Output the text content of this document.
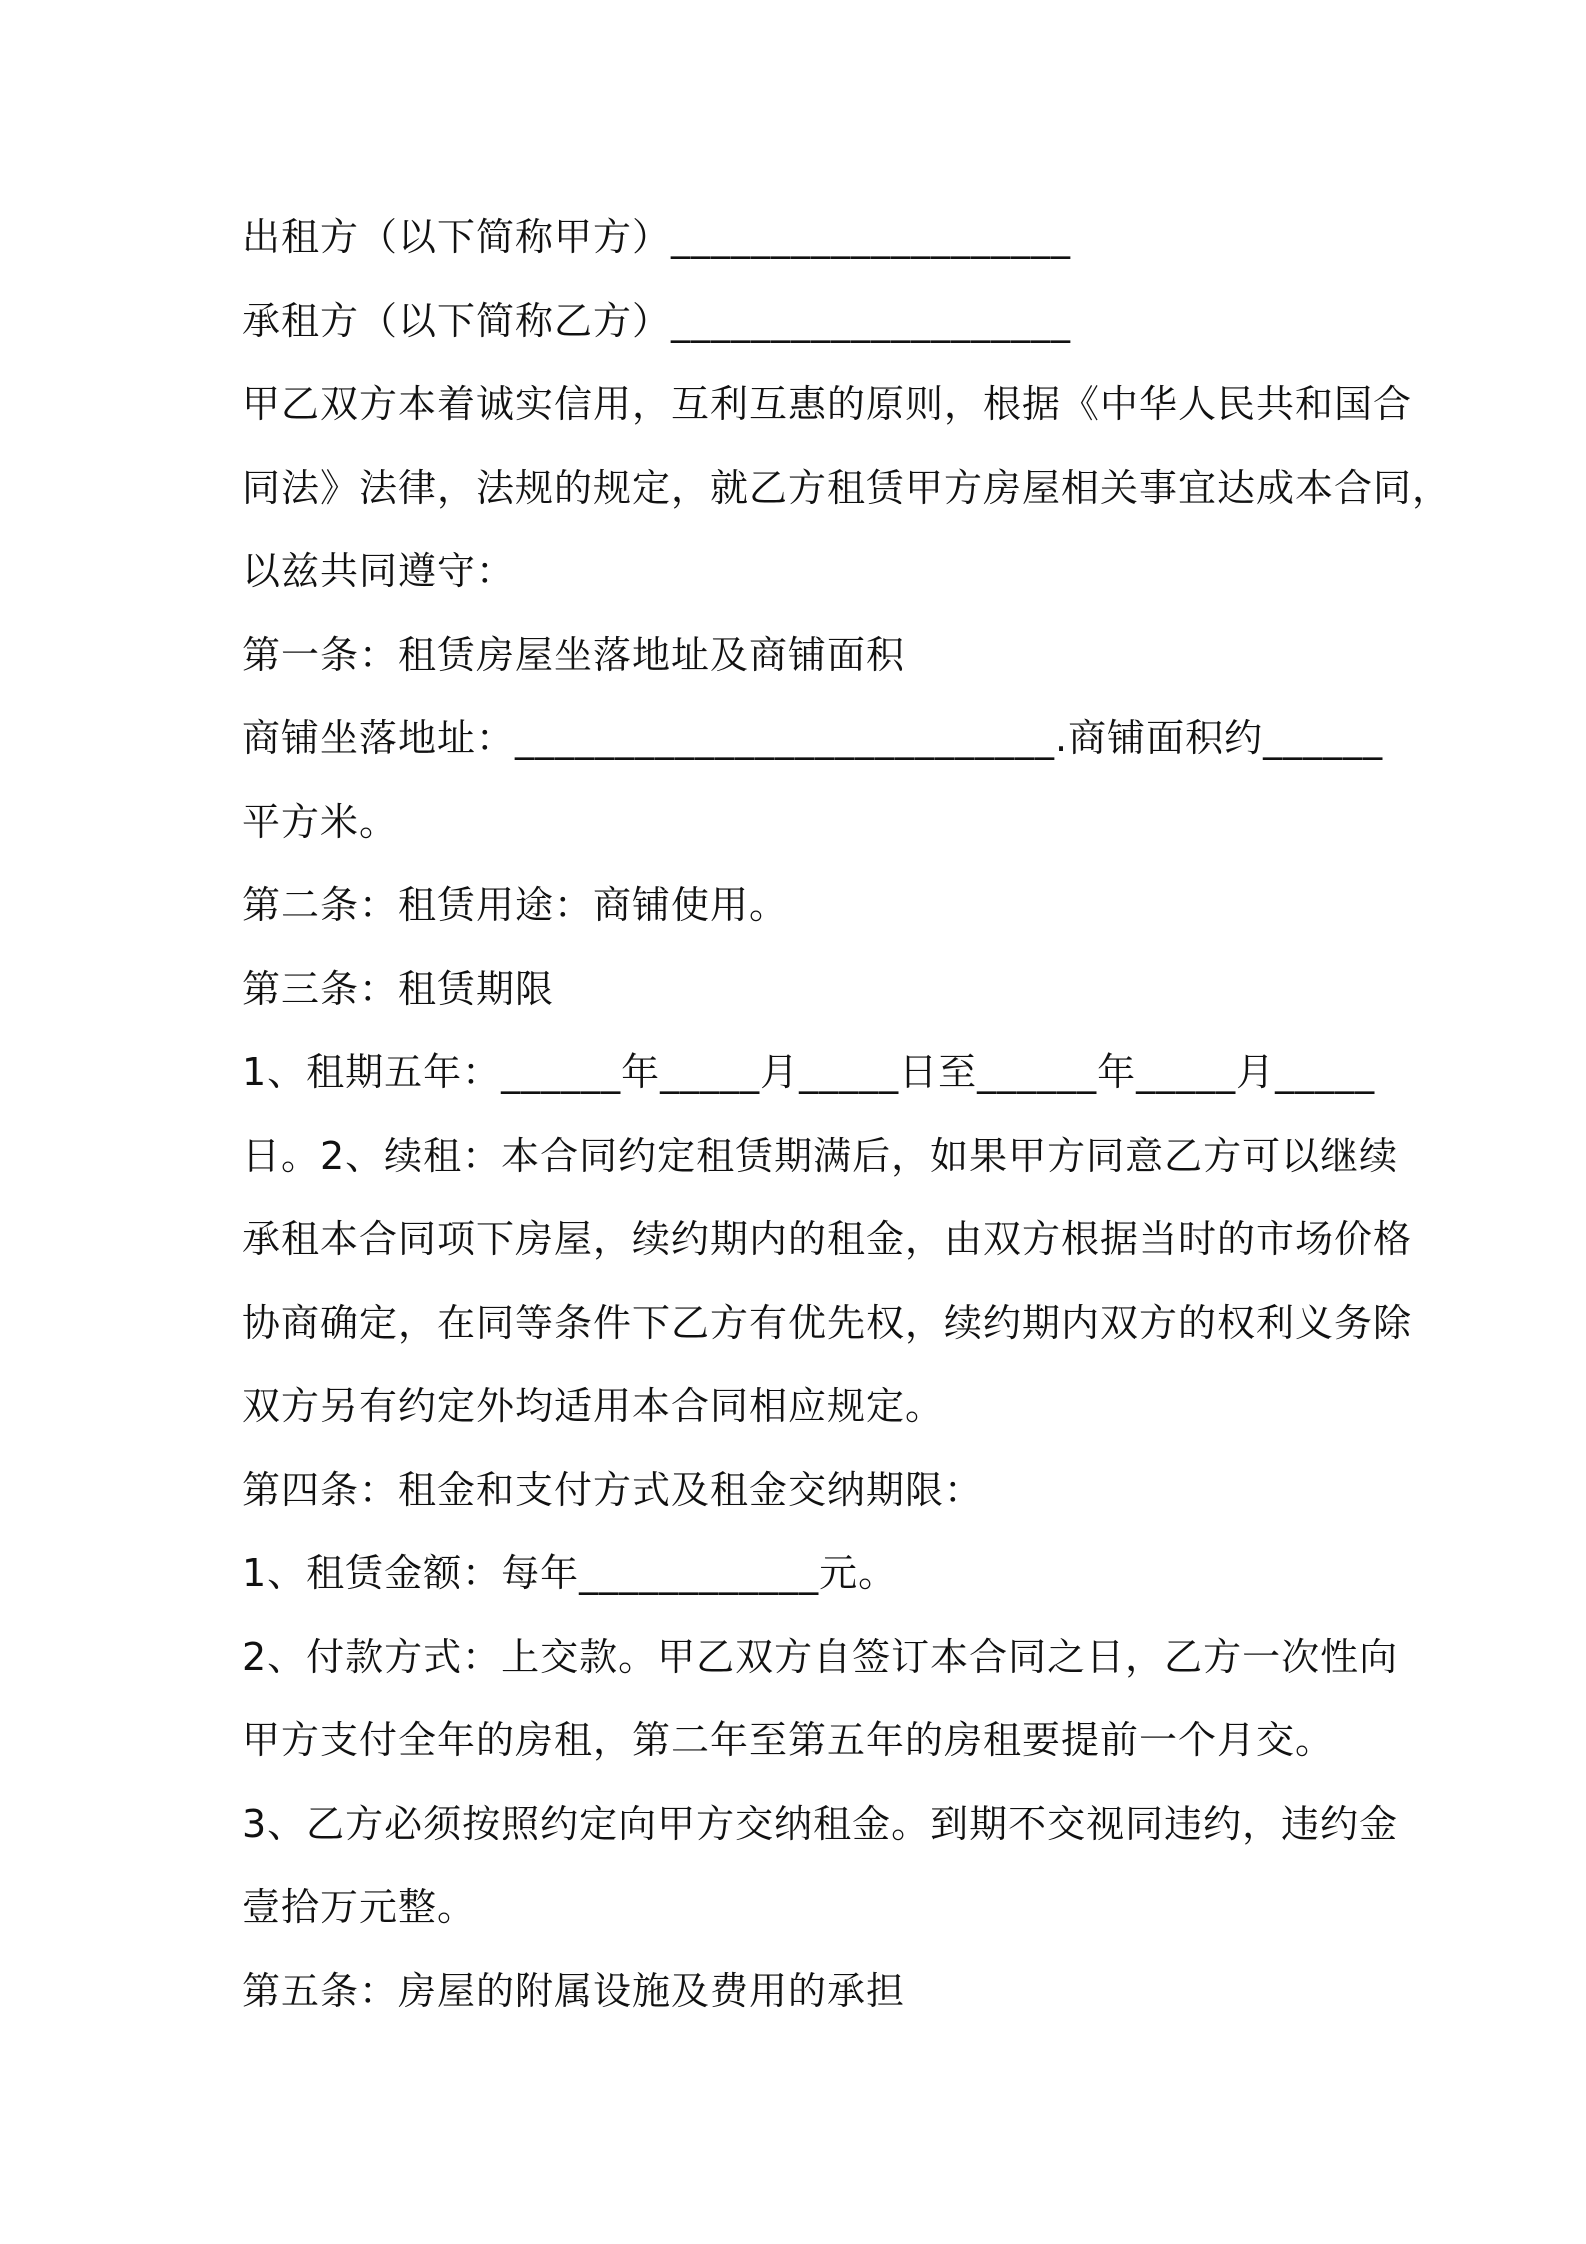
出租方（以下简称甲方）____________________
承租方（以下简称乙方）____________________
甲乙双方本着诚实信用，互利互惠的原则，根据《中华人民共和国合
同法》法律，法规的规定，就乙方租赁甲方房屋相关事宜达成本合同，
以兹共同遵守：
第一条：租赁房屋坐落地址及商铺面积
商铺坐落地址：___________________________.商铺面积约______
平方米。
第二条：租赁用途：商铺使用。
第三条：租赁期限
1、租期五年：______年_____月_____日至______年_____月_____
日。2、续租：本合同约定租赁期满后，如果甲方同意乙方可以继续
承租本合同项下房屋，续约期内的租金，由双方根据当时的市场价格
协商确定，在同等条件下乙方有优先权，续约期内双方的权利义务除
双方另有约定外均适用本合同相应规定。
第四条：租金和支付方式及租金交纳期限：
1、租赁金额：每年____________元。
2、付款方式：上交款。甲乙双方自签订本合同之日，乙方一次性向
甲方支付全年的房租，第二年至第五年的房租要提前一个月交。
3、乙方必须按照约定向甲方交纳租金。到期不交视同违约，违约金
壹拾万元整。
第五条：房屋的附属设施及费用的承担
